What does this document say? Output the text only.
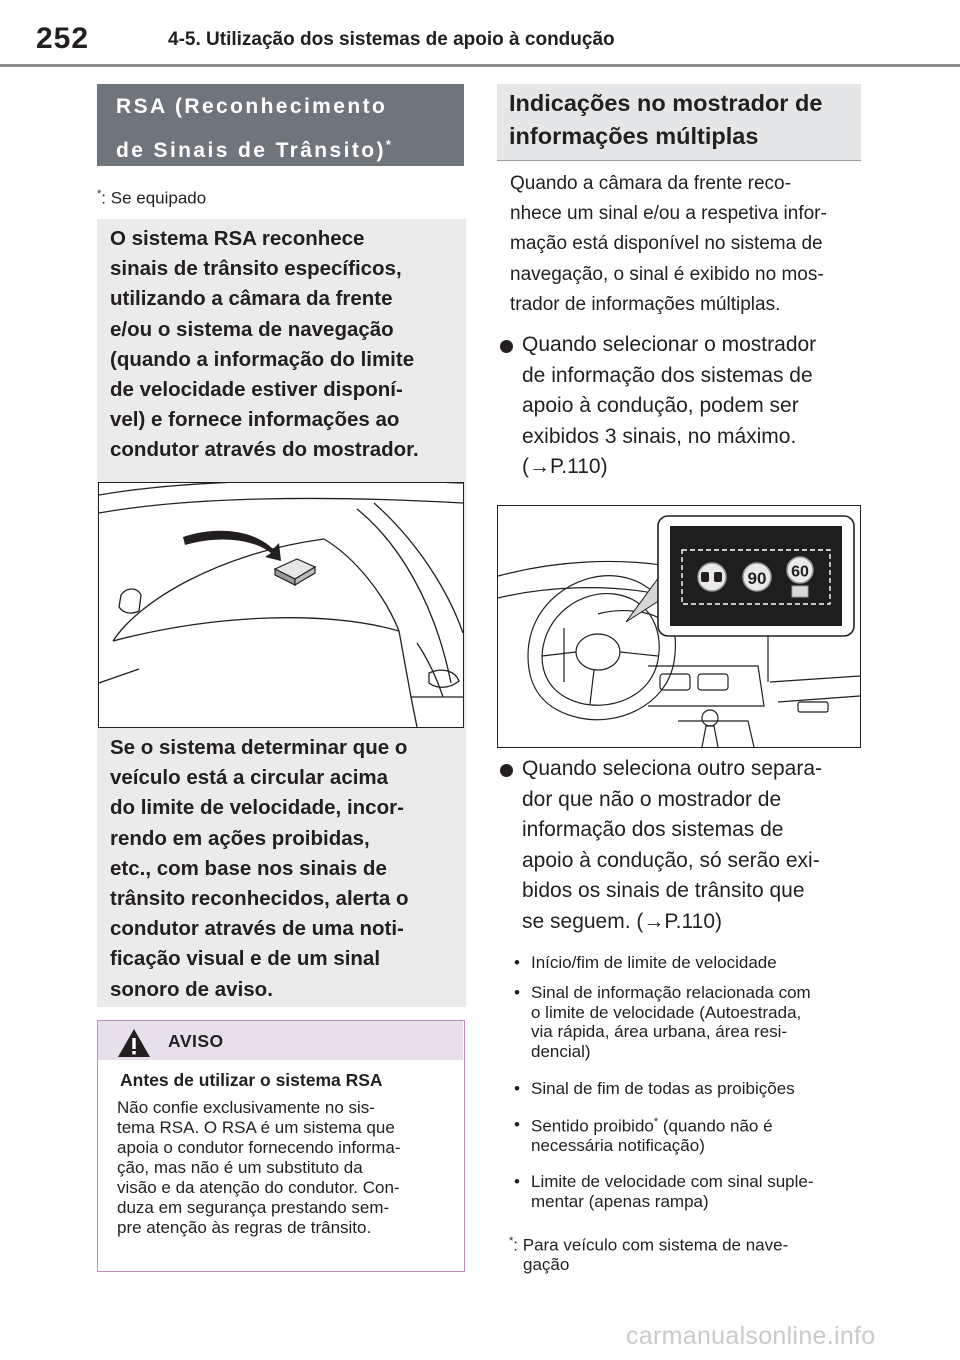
252	4-5. Utilização dos sistemas de apoio à condução
RSA (Reconhecimento
de Sinais de Trânsito)*
*: Se equipado
O sistema RSA reconhece
sinais de trânsito específicos,
utilizando a câmara da frente
e/ou o sistema de navegação
(quando a informação do limite
de velocidade estiver disponí-
vel) e fornece informações ao
condutor através do mostrador.
Se o sistema determinar que o
veículo está a circular acima
do limite de velocidade, incor-
rendo em ações proibidas,
etc., com base nos sinais de
trânsito reconhecidos, alerta o
condutor através de uma noti-
ficação visual e de um sinal
sonoro de aviso.
AVISO
Antes de utilizar o sistema RSA
Não confie exclusivamente no sis-
tema RSA. O RSA é um sistema que
apoia o condutor fornecendo informa-
ção, mas não é um substituto da
visão e da atenção do condutor. Con-
duza em segurança prestando sem-
pre atenção às regras de trânsito.
Indicações no mostrador de
informações múltiplas
Quando a câmara da frente reco-
nhece um sinal e/ou a respetiva infor-
mação está disponível no sistema de
navegação, o sinal é exibido no mos-
trador de informações múltiplas.
Quando selecionar o mostrador
de informação dos sistemas de
apoio à condução, podem ser
exibidos 3 sinais, no máximo.
(→P.110)
90 60
Quando seleciona outro separa-
dor que não o mostrador de
informação dos sistemas de
apoio à condução, só serão exi-
bidos os sinais de trânsito que
se seguem. (→P.110)
• Início/fim de limite de velocidade
• Sinal de informação relacionada com
o limite de velocidade (Autoestrada,
via rápida, área urbana, área resi-
dencial)
• Sinal de fim de todas as proibições
• Sentido proibido* (quando não é
necessária notificação)
• Limite de velocidade com sinal suple-
mentar (apenas rampa)
*: Para veículo com sistema de nave-
gação
carmanualsonline.info
